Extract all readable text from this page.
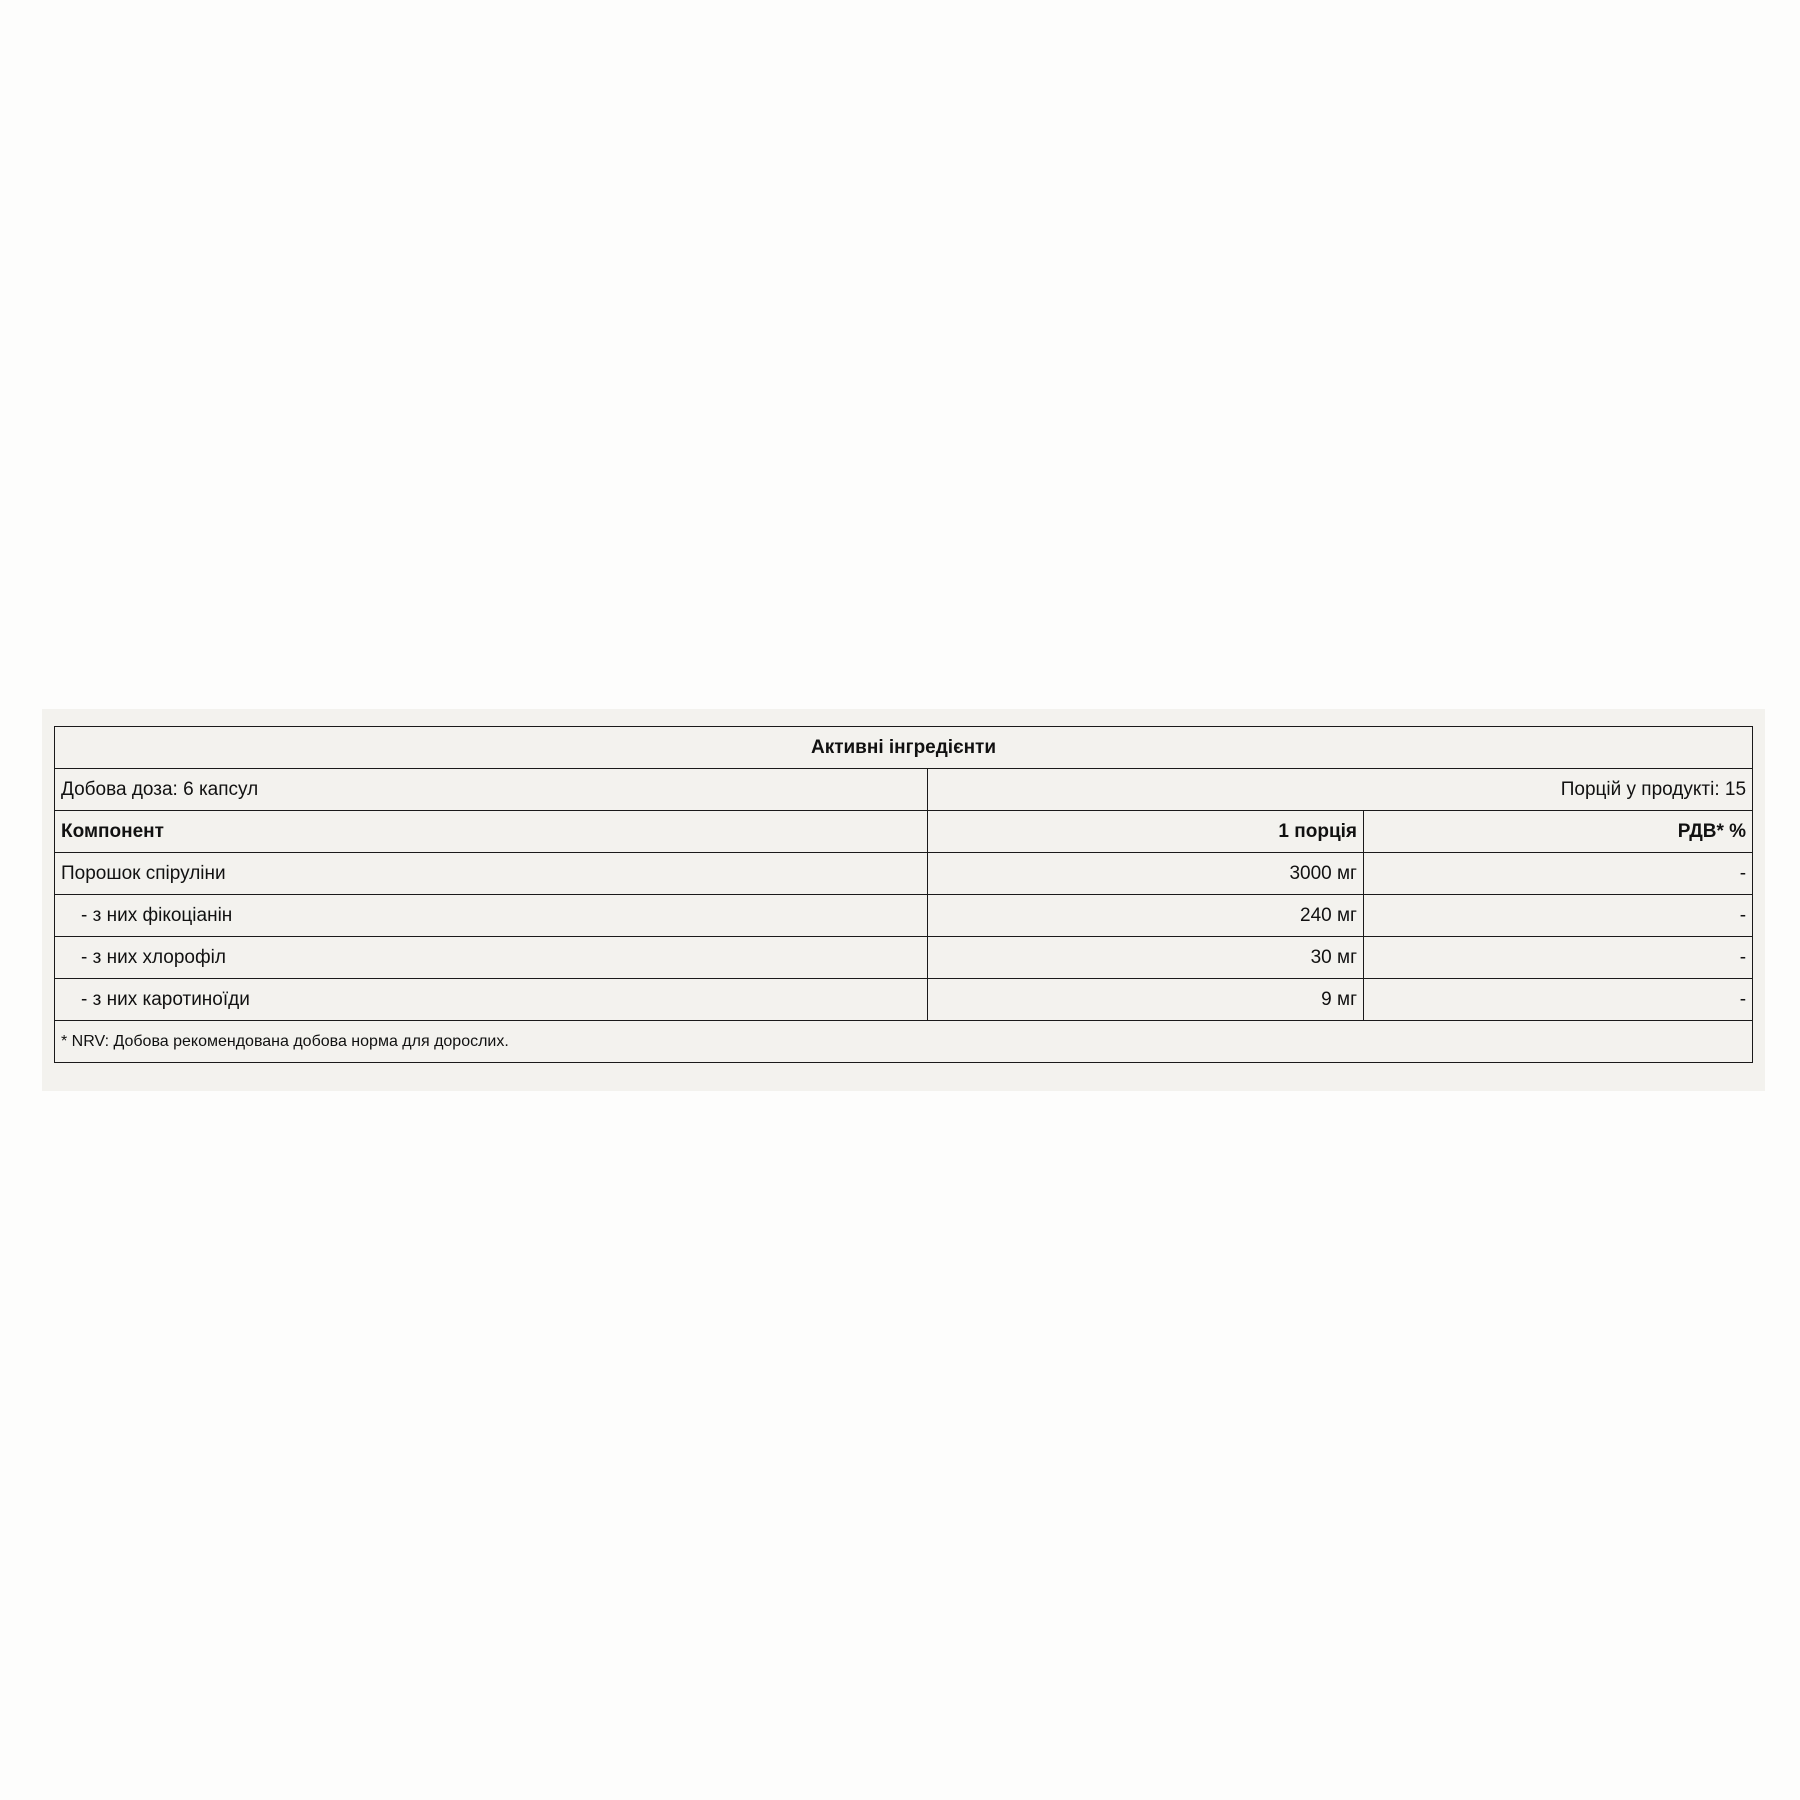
Активні інгредієнти		
Добова доза: 6 капсул	Порцій у продукті: 15	
Компонент	1 порція	РДВ* %
Порошок спіруліни	3000 мг	-
- з них фікоціанін	240 мг	-
- з них хлорофіл	30 мг	-
- з них каротиноїди	9 мг	-
* NRV: Добова рекомендована добова норма для дорослих.		
